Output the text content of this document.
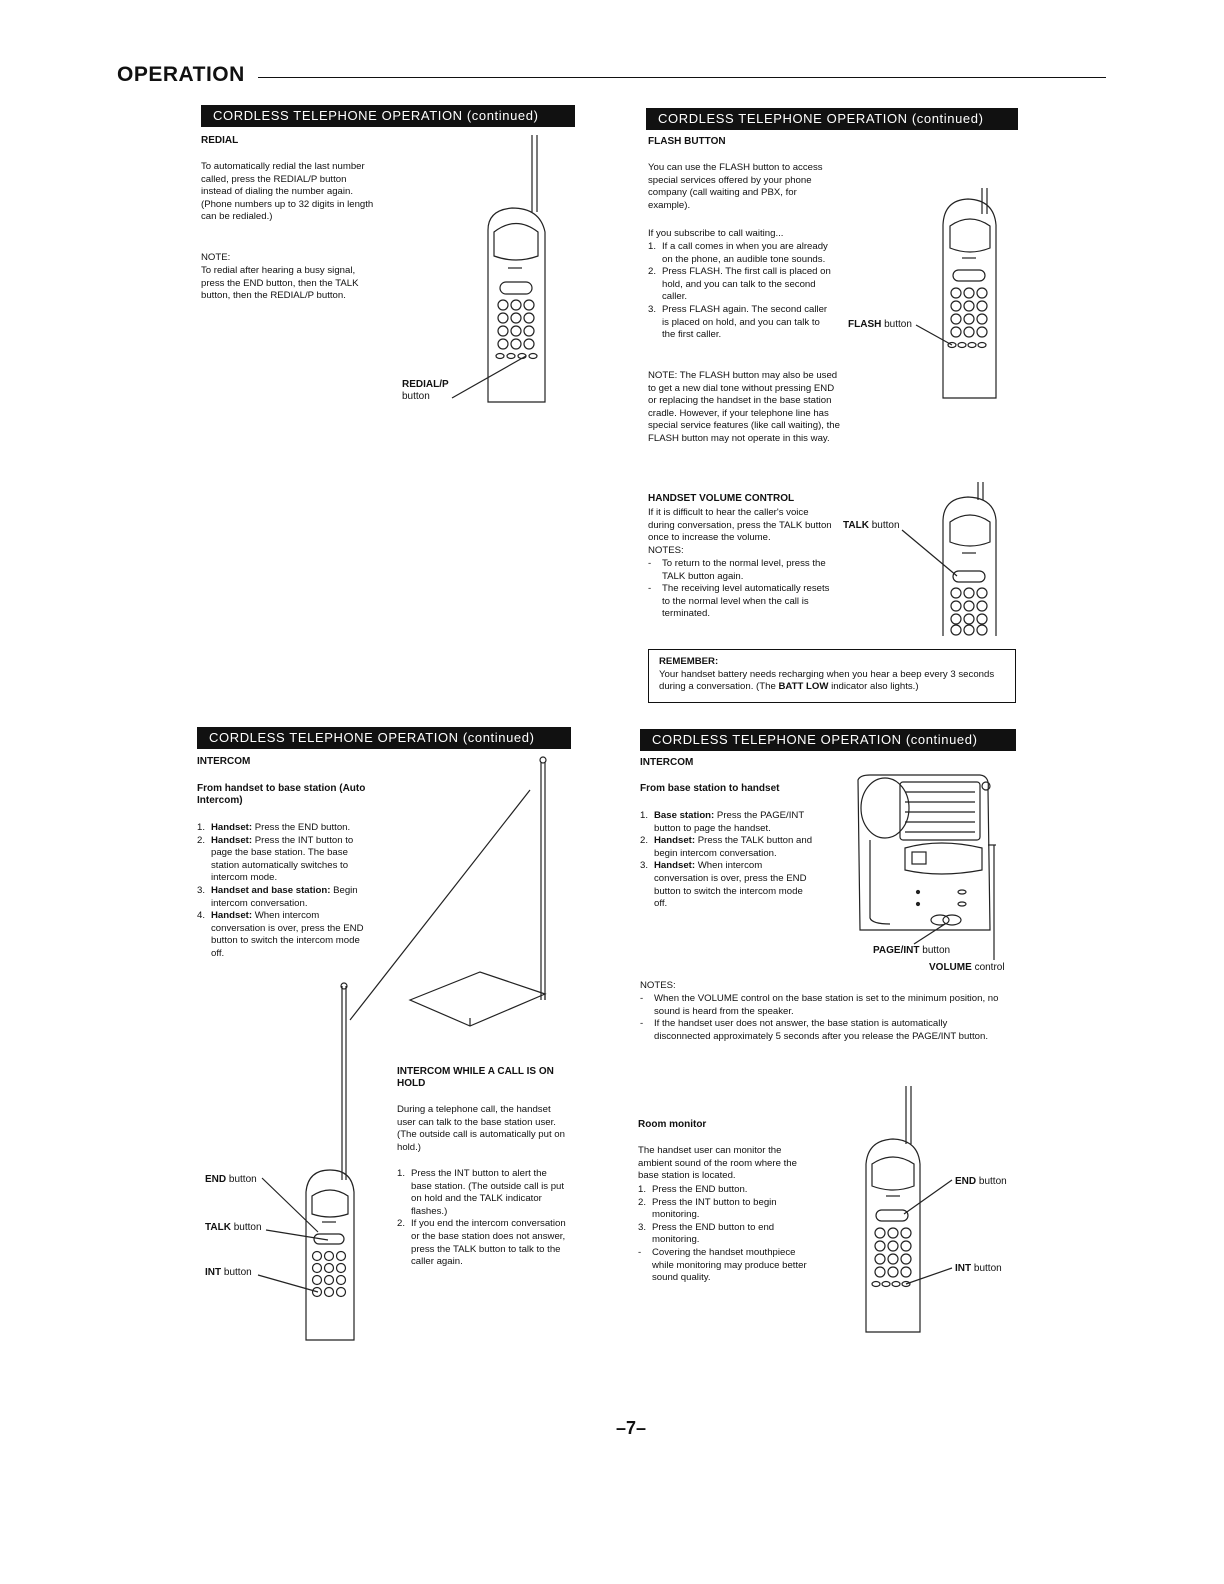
OPERATION
CORDLESS TELEPHONE OPERATION (continued)	CORDLESS TELEPHONE OPERATION (continued)
CORDLESS TELEPHONE OPERATION (continued)	CORDLESS TELEPHONE OPERATION (continued)
REDIAL
To automatically redial the last number called, press the REDIAL/P button instead of dialing the number again. (Phone numbers up to 32 digits in length can be redialed.)
NOTE:
To redial after hearing a busy signal, press the END button, then the TALK button, then the REDIAL/P button.
REDIAL/P
button
FLASH BUTTON
You can use the FLASH button to access special services offered by your phone company (call waiting and PBX, for example).
If you subscribe to call waiting...
1. If a call comes in when you are already on the phone, an audible tone sounds.
2. Press FLASH. The first call is placed on hold, and you can talk to the second caller.
3. Press FLASH again. The second caller is placed on hold, and you can talk to the first caller.
NOTE: The FLASH button may also be used to get a new dial tone without pressing END or replacing the handset in the base station cradle. However, if your telephone line has special service features (like call waiting), the FLASH button may not operate in this way.
FLASH button
HANDSET VOLUME CONTROL
If it is difficult to hear the caller's voice during conversation, press the TALK button once to increase the volume.
NOTES:
- To return to the normal level, press the TALK button again.
- The receiving level automatically resets to the normal level when the call is terminated.
TALK button
REMEMBER:
Your handset battery needs recharging when you hear a beep every 3 seconds during a conversation. (The BATT LOW indicator also lights.)
INTERCOM
From handset to base station (Auto Intercom)
1. Handset: Press the END button.
2. Handset: Press the INT button to page the base station. The base station automatically switches to intercom mode.
3. Handset and base station: Begin intercom conversation.
4. Handset: When intercom conversation is over, press the END button to switch the intercom mode off.
END button
TALK button
INT button
INTERCOM WHILE A CALL IS ON HOLD
During a telephone call, the handset user can talk to the base station user. (The outside call is automatically put on hold.)
1. Press the INT button to alert the base station. (The outside call is put on hold and the TALK indicator flashes.)
2. If you end the intercom conversation or the base station does not answer, press the TALK button to talk to the caller again.
INTERCOM
From base station to handset
1. Base station: Press the PAGE/INT button to page the handset.
2. Handset: Press the TALK button and begin intercom conversation.
3. Handset: When intercom conversation is over, press the END button to switch the intercom mode off.
PAGE/INT button
VOLUME control
NOTES:
- When the VOLUME control on the base station is set to the minimum position, no sound is heard from the speaker.
- If the handset user does not answer, the base station is automatically disconnected approximately 5 seconds after you release the PAGE/INT button.
Room monitor
The handset user can monitor the ambient sound of the room where the base station is located.
1. Press the END button.
2. Press the INT button to begin monitoring.
3. Press the END button to end monitoring.
- Covering the handset mouthpiece while monitoring may produce better sound quality.
END button
INT button
–7–
